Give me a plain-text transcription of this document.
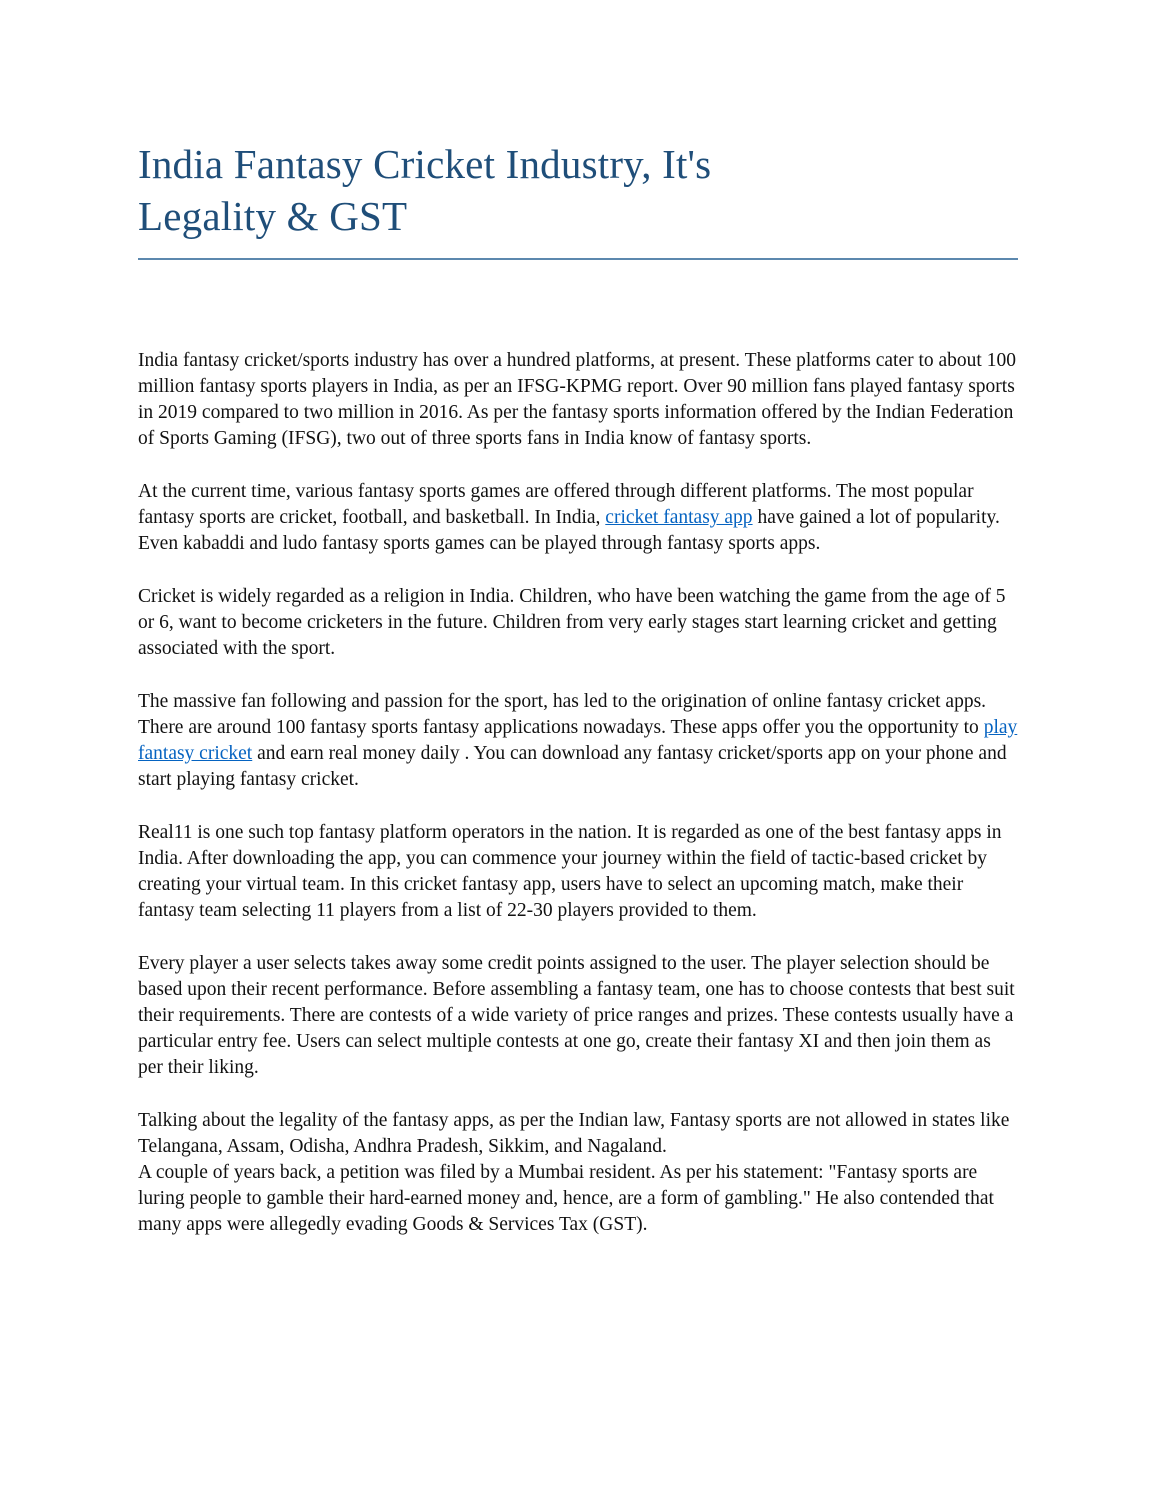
India Fantasy Cricket Industry, It's
Legality & GST

India fantasy cricket/sports industry has over a hundred platforms, at present. These platforms cater to about 100 million fantasy sports players in India, as per an IFSG-KPMG report. Over 90 million fans played fantasy sports in 2019 compared to two million in 2016. As per the fantasy sports information offered by the Indian Federation of Sports Gaming (IFSG), two out of three sports fans in India know of fantasy sports.

At the current time, various fantasy sports games are offered through different platforms. The most popular fantasy sports are cricket, football, and basketball. In India, cricket fantasy app have gained a lot of popularity. Even kabaddi and ludo fantasy sports games can be played through fantasy sports apps.

Cricket is widely regarded as a religion in India. Children, who have been watching the game from the age of 5 or 6, want to become cricketers in the future. Children from very early stages start learning cricket and getting associated with the sport.

The massive fan following and passion for the sport, has led to the origination of online fantasy cricket apps. There are around 100 fantasy sports fantasy applications nowadays. These apps offer you the opportunity to play fantasy cricket and earn real money daily . You can download any fantasy cricket/sports app on your phone and start playing fantasy cricket.

Real11 is one such top fantasy platform operators in the nation. It is regarded as one of the best fantasy apps in India. After downloading the app, you can commence your journey within the field of tactic-based cricket by creating your virtual team. In this cricket fantasy app, users have to select an upcoming match, make their fantasy team selecting 11 players from a list of 22-30 players provided to them.

Every player a user selects takes away some credit points assigned to the user. The player selection should be based upon their recent performance. Before assembling a fantasy team, one has to choose contests that best suit their requirements. There are contests of a wide variety of price ranges and prizes. These contests usually have a particular entry fee. Users can select multiple contests at one go, create their fantasy XI and then join them as per their liking.

Talking about the legality of the fantasy apps, as per the Indian law, Fantasy sports are not allowed in states like Telangana, Assam, Odisha, Andhra Pradesh, Sikkim, and Nagaland.
A couple of years back, a petition was filed by a Mumbai resident. As per his statement: "Fantasy sports are luring people to gamble their hard-earned money and, hence, are a form of gambling." He also contended that many apps were allegedly evading Goods & Services Tax (GST).
